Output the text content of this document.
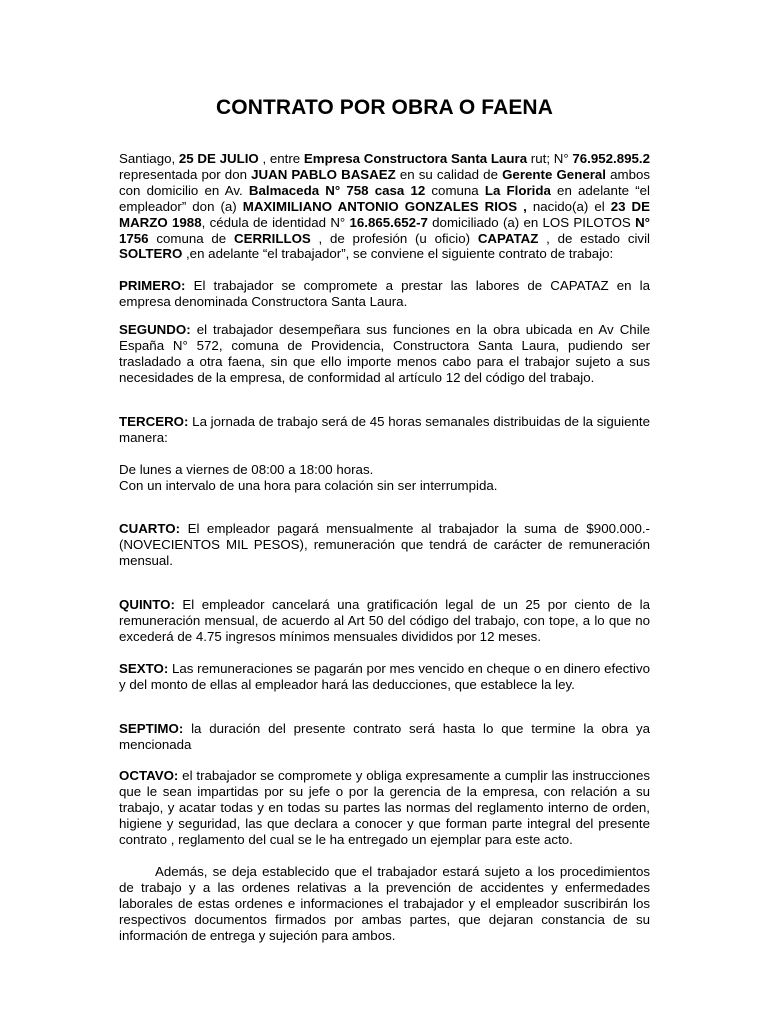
CONTRATO POR OBRA O FAENA

Santiago, 25 DE JULIO , entre Empresa Constructora Santa Laura rut; N° 76.952.895.2 representada por don JUAN PABLO BASAEZ en su calidad de Gerente General ambos con domicilio en Av. Balmaceda N° 758 casa 12 comuna La Florida en adelante “el empleador” don (a) MAXIMILIANO ANTONIO GONZALES RIOS , nacido(a) el 23 DE MARZO 1988, cédula de identidad N° 16.865.652-7 domiciliado (a) en LOS PILOTOS N° 1756 comuna de CERRILLOS , de profesión (u oficio) CAPATAZ , de estado civil SOLTERO ,en adelante “el trabajador”, se conviene el siguiente contrato de trabajo:

PRIMERO: El trabajador se compromete a prestar las labores de CAPATAZ en la empresa denominada Constructora Santa Laura.

SEGUNDO: el trabajador desempeñara sus funciones en la obra ubicada en Av Chile España N° 572, comuna de Providencia, Constructora Santa Laura, pudiendo ser trasladado a otra faena, sin que ello importe menos cabo para el trabajor sujeto a sus necesidades de la empresa, de conformidad al artículo 12 del código del trabajo.

TERCERO: La jornada de trabajo será de 45 horas semanales distribuidas de la siguiente manera:

De lunes a viernes de 08:00 a 18:00 horas.
Con un intervalo de una hora para colación sin ser interrumpida.

CUARTO: El empleador pagará mensualmente al trabajador la suma de $900.000.- (NOVECIENTOS MIL PESOS), remuneración que tendrá de carácter de remuneración mensual.

QUINTO: El empleador cancelará una gratificación legal de un 25 por ciento de la remuneración mensual, de acuerdo al Art 50 del código del trabajo, con tope, a lo que no excederá de 4.75 ingresos mínimos mensuales divididos por 12 meses.

SEXTO: Las remuneraciones se pagarán por mes vencido en cheque o en dinero efectivo y del monto de ellas al empleador hará las deducciones, que establece la ley.

SEPTIMO: la duración del presente contrato será hasta lo que termine la obra ya mencionada

OCTAVO: el trabajador se compromete y obliga expresamente a cumplir las instrucciones que le sean impartidas por su jefe o por la gerencia de la empresa, con relación a su trabajo, y acatar todas y en todas su partes las normas del reglamento interno de orden, higiene y seguridad, las que declara a conocer y que forman parte integral del presente contrato , reglamento del cual se le ha entregado un ejemplar para este acto.

Además, se deja establecido que el trabajador estará sujeto a los procedimientos de trabajo y a las ordenes relativas a la prevención de accidentes y enfermedades laborales de estas ordenes e informaciones el trabajador y el empleador suscribirán los respectivos documentos firmados por ambas partes, que dejaran constancia de su información de entrega y sujeción para ambos.
